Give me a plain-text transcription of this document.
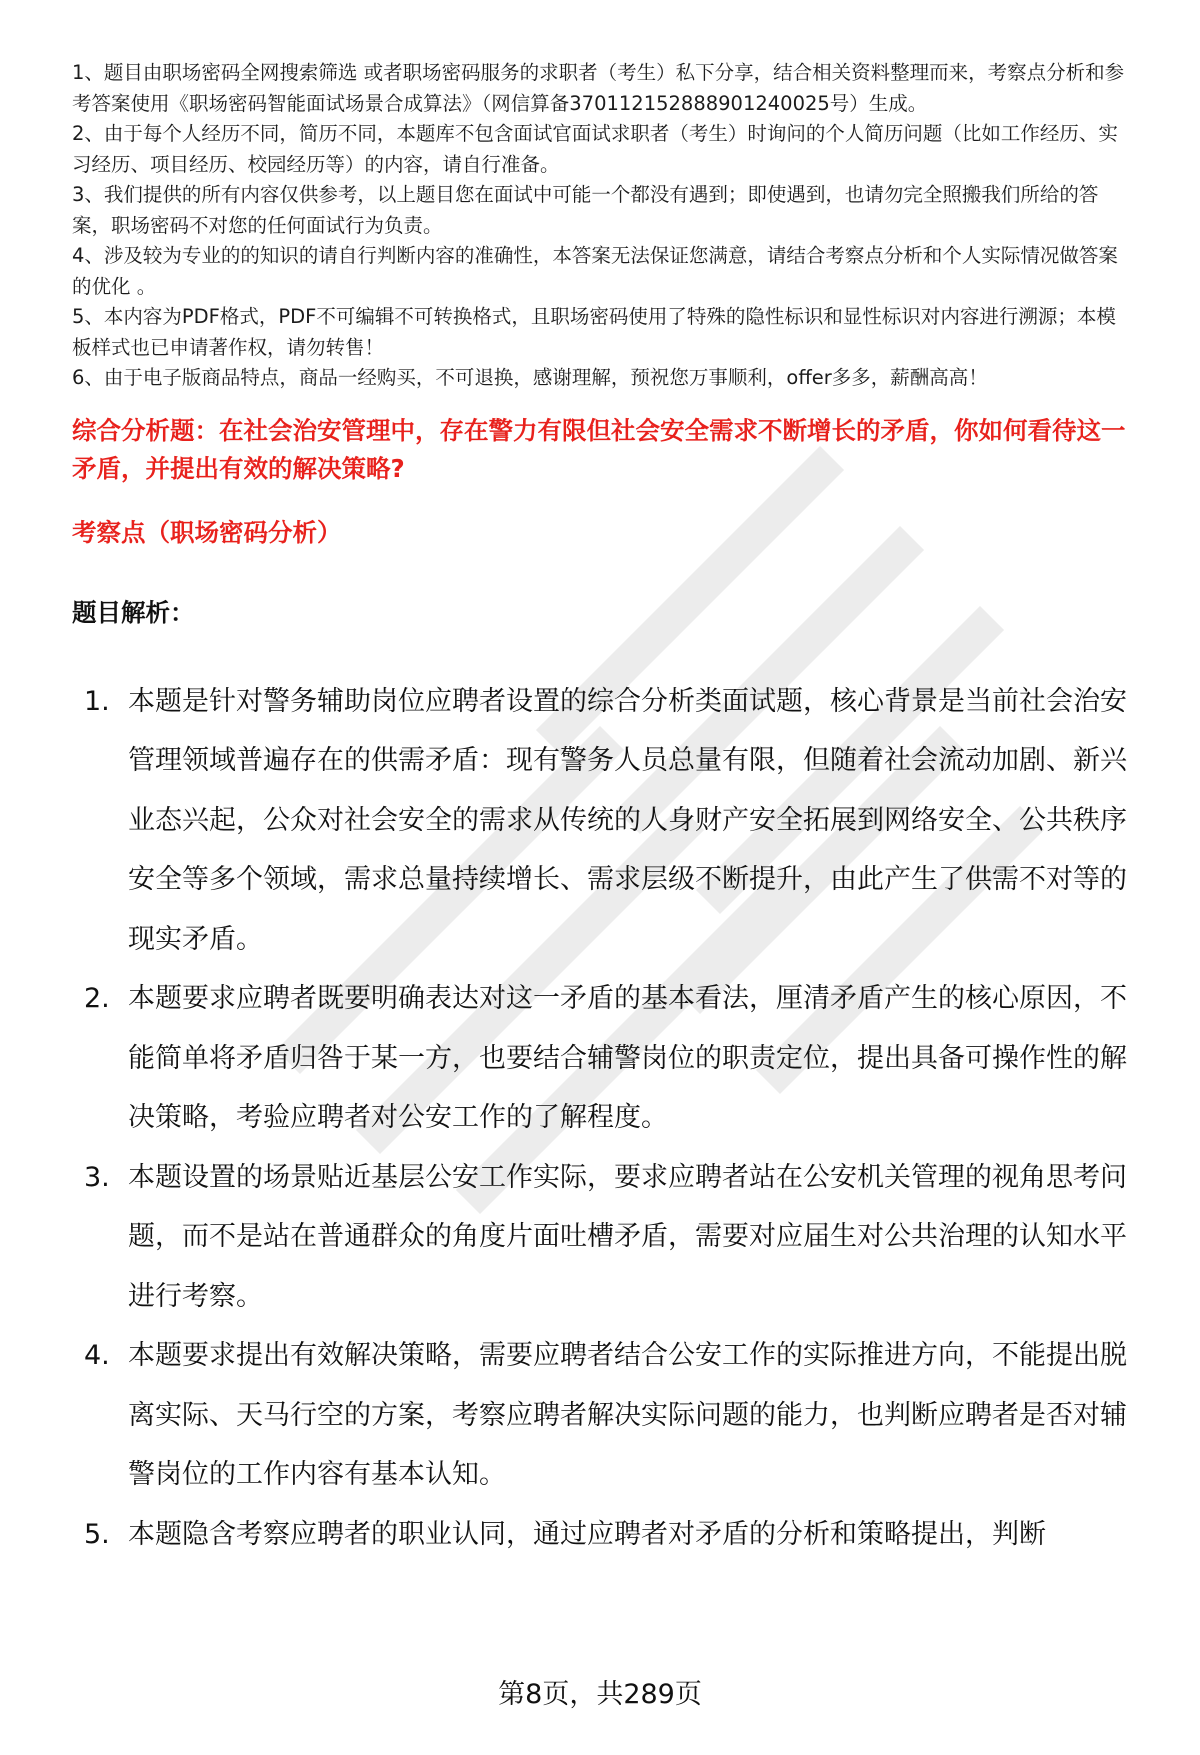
1、题目由职场密码全网搜索筛选 或者职场密码服务的求职者（考生）私下分享，结合相关资料整理而来，考察点分析和参考答案使用《职场密码智能面试场景合成算法》（网信算备370112152888901240025号）生成。
2、由于每个人经历不同，简历不同，本题库不包含面试官面试求职者（考生）时询问的个人简历问题（比如工作经历、实习经历、项目经历、校园经历等）的内容，请自行准备。
3、我们提供的所有内容仅供参考，以上题目您在面试中可能一个都没有遇到；即使遇到，也请勿完全照搬我们所给的答案，职场密码不对您的任何面试行为负责。
4、涉及较为专业的的知识的请自行判断内容的准确性，本答案无法保证您满意，请结合考察点分析和个人实际情况做答案的优化 。
5、本内容为PDF格式，PDF不可编辑不可转换格式，且职场密码使用了特殊的隐性标识和显性标识对内容进行溯源；本模板样式也已申请著作权，请勿转售！
6、由于电子版商品特点，商品一经购买，不可退换，感谢理解，预祝您万事顺利，offer多多，薪酬高高！
综合分析题：在社会治安管理中，存在警力有限但社会安全需求不断增长的矛盾，你如何看待这一矛盾，并提出有效的解决策略?
考察点（职场密码分析）
题目解析：
1. 本题是针对警务辅助岗位应聘者设置的综合分析类面试题，核心背景是当前社会治安管理领域普遍存在的供需矛盾：现有警务人员总量有限，但随着社会流动加剧、新兴业态兴起，公众对社会安全的需求从传统的人身财产安全拓展到网络安全、公共秩序安全等多个领域，需求总量持续增长、需求层级不断提升，由此产生了供需不对等的现实矛盾。
2. 本题要求应聘者既要明确表达对这一矛盾的基本看法，厘清矛盾产生的核心原因，不能简单将矛盾归咎于某一方，也要结合辅警岗位的职责定位，提出具备可操作性的解决策略，考验应聘者对公安工作的了解程度。
3. 本题设置的场景贴近基层公安工作实际，要求应聘者站在公安机关管理的视角思考问题，而不是站在普通群众的角度片面吐槽矛盾，需要对应届生对公共治理的认知水平进行考察。
4. 本题要求提出有效解决策略，需要应聘者结合公安工作的实际推进方向，不能提出脱离实际、天马行空的方案，考察应聘者解决实际问题的能力，也判断应聘者是否对辅警岗位的工作内容有基本认知。
5. 本题隐含考察应聘者的职业认同，通过应聘者对矛盾的分析和策略提出，判断
第8页，共289页
